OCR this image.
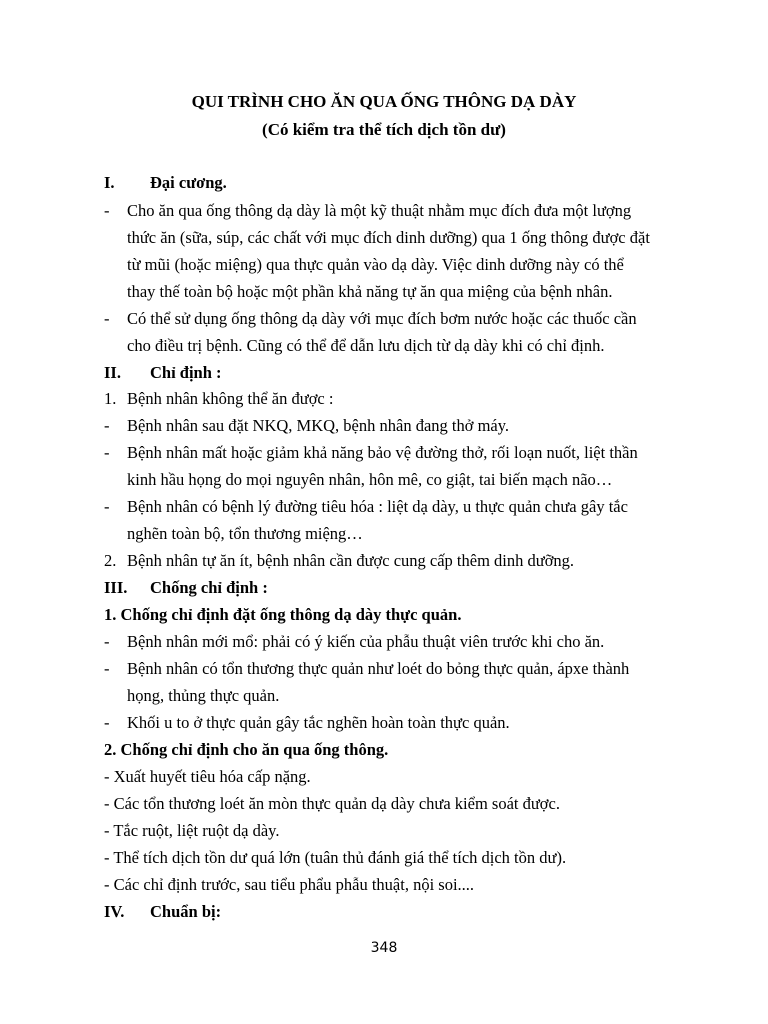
QUI TRÌNH CHO ĂN QUA ỐNG THÔNG DẠ DÀY
(Có kiểm tra thể tích dịch tồn dư)
I. Đại cương.
- Cho ăn qua ống thông dạ dày là một kỹ thuật nhằm mục đích đưa một lượng
thức ăn (sữa, súp, các chất với mục đích dinh dưỡng) qua 1 ống thông được đặt
từ mũi (hoặc miệng) qua thực quản vào dạ dày. Việc dinh dưỡng này có thể
thay thế toàn bộ hoặc một phần khả năng tự ăn qua miệng của bệnh nhân.
- Có thể sử dụng ống thông dạ dày với mục đích bơm nước hoặc các thuốc cần
cho điều trị bệnh. Cũng có thể để dẫn lưu dịch từ dạ dày khi có chỉ định.
II. Chỉ định :
1. Bệnh nhân không thể ăn được :
- Bệnh nhân sau đặt NKQ, MKQ, bệnh nhân đang thở máy.
- Bệnh nhân mất hoặc giảm khả năng bảo vệ đường thở, rối loạn nuốt, liệt thần
kinh hầu họng do mọi nguyên nhân, hôn mê, co giật, tai biến mạch não…
- Bệnh nhân có bệnh lý đường tiêu hóa : liệt dạ dày, u thực quản chưa gây tắc
nghẽn toàn bộ, tổn thương miệng…
2. Bệnh nhân tự ăn ít, bệnh nhân cần được cung cấp thêm dinh dưỡng.
III. Chống chỉ định :
1. Chống chỉ định đặt ống thông dạ dày thực quản.
- Bệnh nhân mới mổ: phải có ý kiến của phẫu thuật viên trước khi cho ăn.
- Bệnh nhân có tổn thương thực quản như loét do bỏng thực quản, ápxe thành
họng, thủng thực quản.
- Khối u to ở thực quản gây tắc nghẽn hoàn toàn thực quản.
2. Chống chỉ định cho ăn qua ống thông.
- Xuất huyết tiêu hóa cấp nặng.
- Các tổn thương loét ăn mòn thực quản dạ dày chưa kiểm soát được.
- Tắc ruột, liệt ruột dạ dày.
- Thể tích dịch tồn dư quá lớn (tuân thủ đánh giá thể tích dịch tồn dư).
- Các chỉ định trước, sau tiểu phẩu phẫu thuật, nội soi....
IV. Chuẩn bị:
348
